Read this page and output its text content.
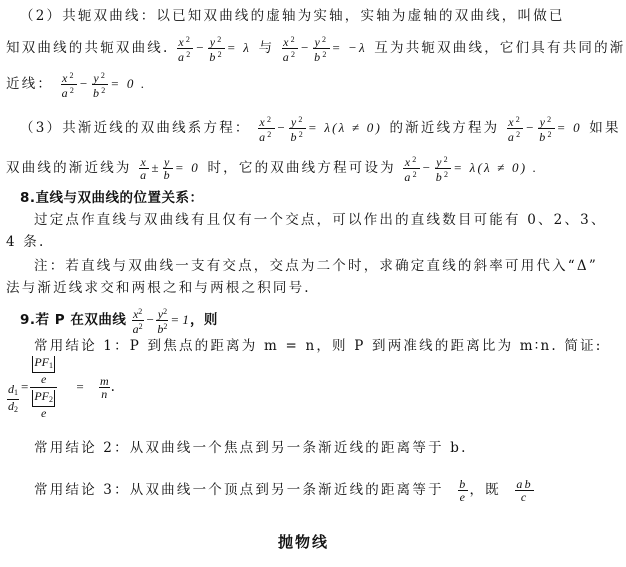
（2）共轭双曲线：以已知双曲线的虚轴为实轴，实轴为虚轴的双曲线，叫做已
知双曲线的共轭双曲线. $\frac{x^2}{a^2} - \frac{y^2}{b^2} = \lambda$ 与 $\frac{x^2}{a^2} - \frac{y^2}{b^2} = -\lambda$ 互为共轭双曲线，它们具有共同的渐
近线： $\frac{x^2}{a^2} - \frac{y^2}{b^2} = 0$ .
（3）共渐近线的双曲线系方程： $\frac{x^2}{a^2} - \frac{y^2}{b^2} = \lambda(\lambda \ne 0)$ 的渐近线方程为 $\frac{x^2}{a^2} - \frac{y^2}{b^2} = 0$ 如果
双曲线的渐近线为 $\frac{x}{a} \pm \frac{y}{b} = 0$ 时，它的双曲线方程可设为 $\frac{x^2}{a^2} - \frac{y^2}{b^2} = \lambda(\lambda \ne 0)$ .
8.直线与双曲线的位置关系：
过定点作直线与双曲线有且仅有一个交点，可以作出的直线数目可能有 0、2、3、
4 条.
注：若直线与双曲线一支有交点，交点为二个时，求确定直线的斜率可用代入“Δ”
法与渐近线求交和两根之和与两根之积同号.
9.若 P 在双曲线 $\frac{x^2}{a^2} - \frac{y^2}{b^2} = 1$，则
常用结论 1：P 到焦点的距离为 m = n，则 P 到两准线的距离比为 m∶n. 简证:
$\frac{d_1}{d_2} = \frac{\frac{PF_1}{e}}{\frac{PF_2}{e}} = \frac{m}{n}$ .
常用结论 2：从双曲线一个焦点到另一条渐近线的距离等于 b.
常用结论 3：从双曲线一个顶点到另一条渐近线的距离等于 $\frac{b}{e}$ ，既 $\frac{ab}{c}$
抛物线
